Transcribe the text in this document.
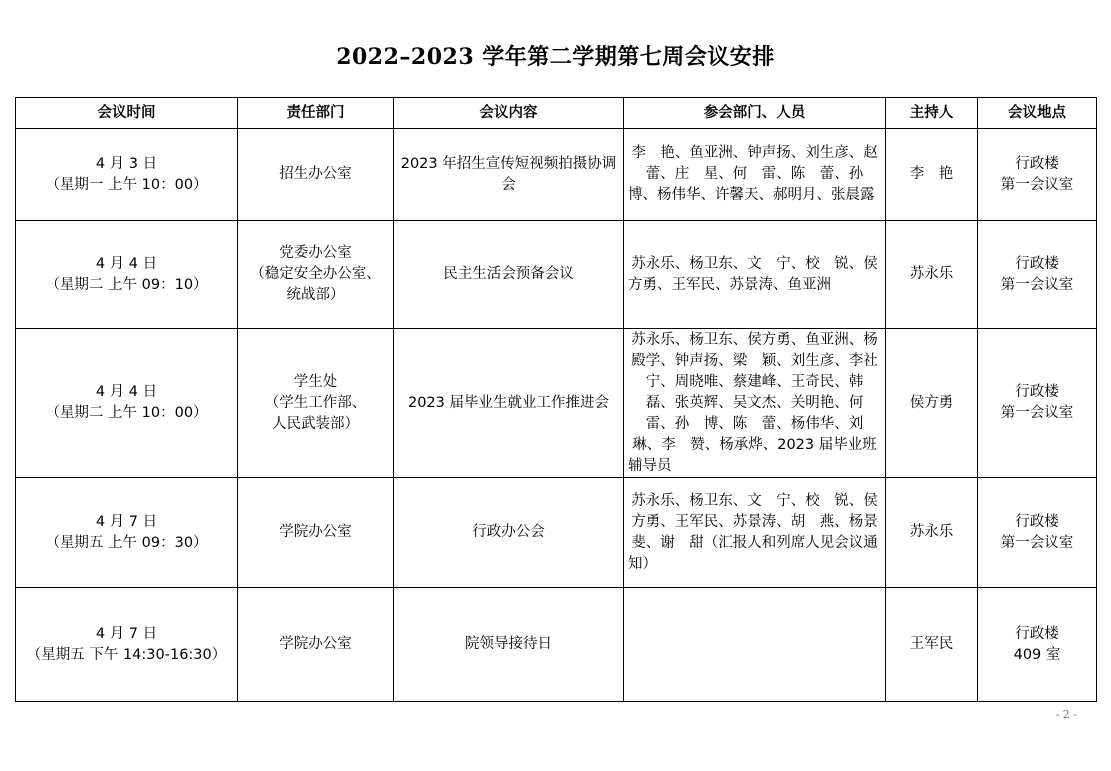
2022–2023 学年第二学期第七周会议安排
会议时间	责任部门	会议内容	参会部门、人员	主持人	会议地点

4 月 3 日
（星期一 上午 10：00）	招生办公室	2023 年招生宣传短视频拍摄协调会	李　艳、鱼亚洲、钟声扬、刘生彦、赵　蕾、庄　星、何　雷、陈　蕾、孙　博、杨伟华、许馨天、郝明月、张晨露	李　艳	行政楼
第一会议室

4 月 4 日
（星期二 上午 09：10）	党委办公室
（稳定安全办公室、
统战部）	民主生活会预备会议	苏永乐、杨卫东、文　宁、校　锐、侯方勇、王军民、苏景涛、鱼亚洲	苏永乐	行政楼
第一会议室

4 月 4 日
（星期二 上午 10：00）	学生处
（学生工作部、
人民武装部）	2023 届毕业生就业工作推进会	苏永乐、杨卫东、侯方勇、鱼亚洲、杨殿学、钟声扬、梁　颖、刘生彦、李社宁、周晓唯、蔡建峰、王奇民、韩　磊、张英辉、吴文杰、关明艳、何　雷、孙　博、陈　蕾、杨伟华、刘　琳、李　赞、杨承烨、2023 届毕业班辅导员	侯方勇	行政楼
第一会议室

4 月 7 日
（星期五 上午 09：30）	学院办公室	行政办公会	苏永乐、杨卫东、文　宁、校　锐、侯方勇、王军民、苏景涛、胡　燕、杨景斐、谢　甜（汇报人和列席人见会议通知）	苏永乐	行政楼
第一会议室

4 月 7 日
（星期五 下午 14:30-16:30）	学院办公室	院领导接待日		王军民	行政楼
409 室
- 2 -
